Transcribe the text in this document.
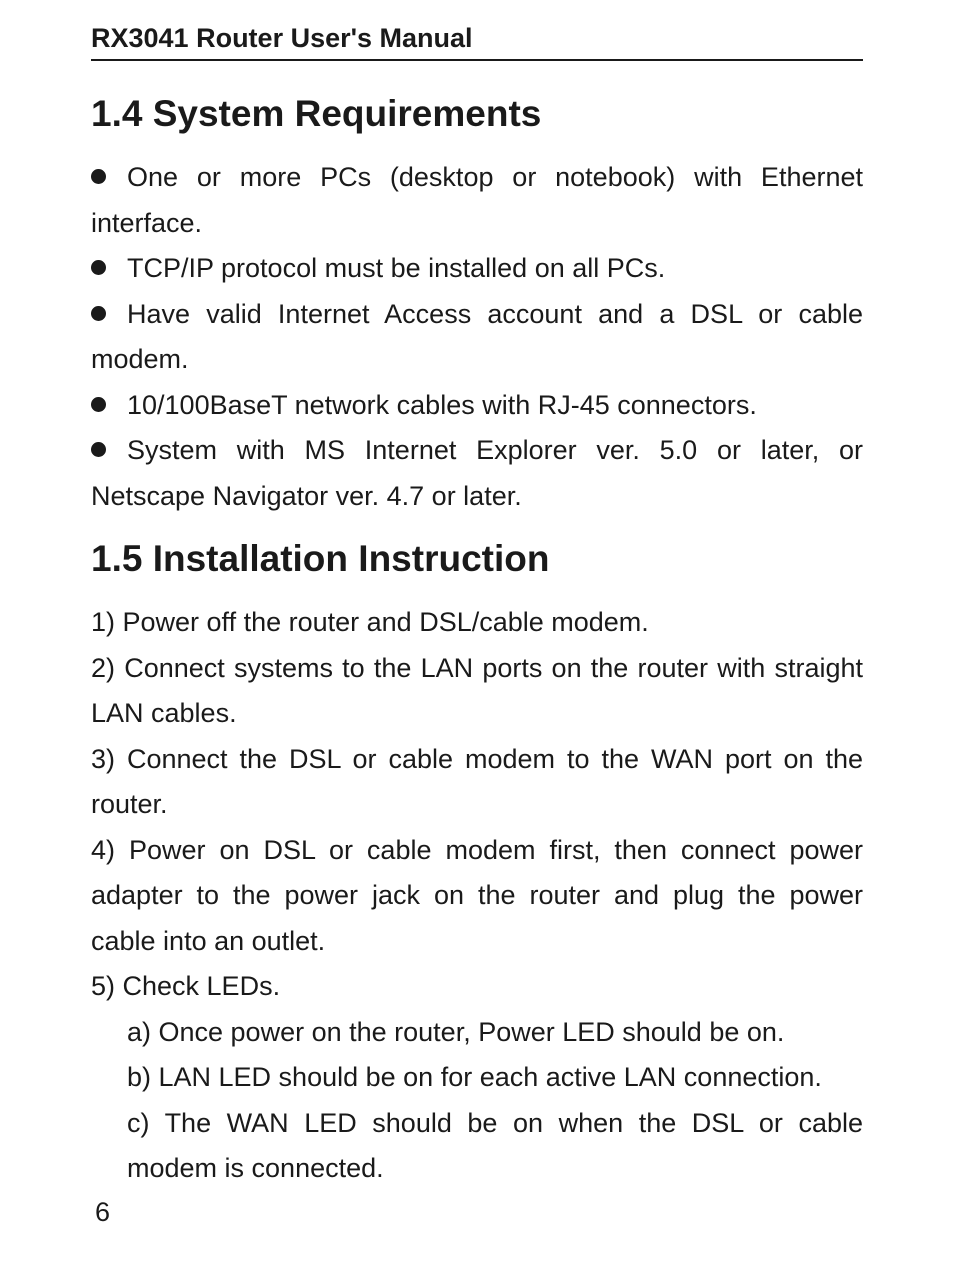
RX3041 Router User's Manual
1.4 System Requirements

One or more PCs (desktop or notebook) with Ethernet interface.

TCP/IP protocol must be installed on all PCs.

Have valid Internet Access account and a DSL or cable modem.

10/100BaseT network cables with RJ-45 connectors.

System with MS Internet Explorer ver. 5.0 or later, or Netscape Navigator ver. 4.7 or later.

1.5 Installation Instruction

1) Power off the router and DSL/cable modem.

2) Connect systems to the LAN ports on the router with straight LAN cables.

3) Connect the DSL or cable modem to the WAN port on the router.

4) Power on DSL or cable modem first, then connect power adapter to the power jack on the router and plug the power cable into an outlet.

5) Check LEDs.

a) Once power on the router, Power LED should be on.

b) LAN LED should be on for each active LAN connection.

c) The WAN LED should be on when the DSL or cable modem is connected.

6
